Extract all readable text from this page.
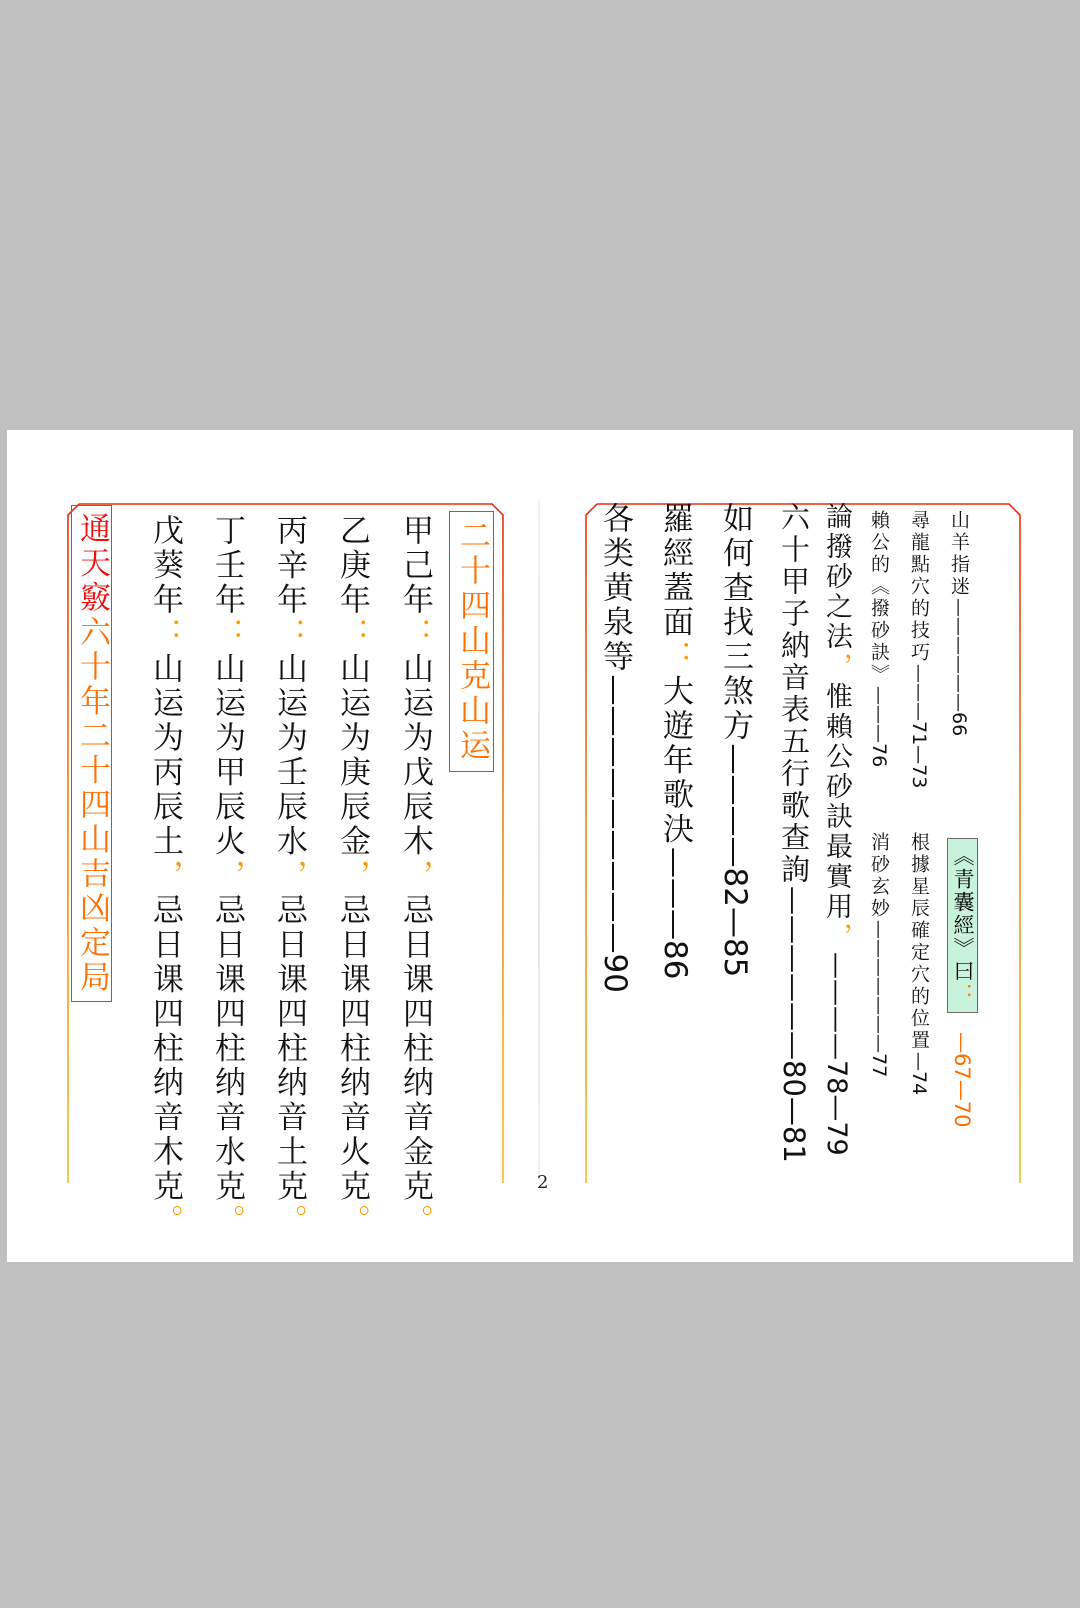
二十四山克山运
甲己年：山运为戊辰木，忌日课四柱纳音金克。
乙庚年：山运为庚辰金，忌日课四柱纳音火克。
丙辛年：山运为壬辰水，忌日课四柱纳音土克。
丁壬年：山运为甲辰火，忌日课四柱纳音水克。
戊葵年：山运为丙辰土，忌日课四柱纳音木克。
通天竅六十年二十四山吉凶定局
山羊指迷——————66
尋龍點穴的技巧———71—73
根據星辰確定穴的位置—74
賴公的《撥砂訣》———76
消砂玄妙———————77
《青囊經》曰：
—67—70
論撥砂之法，惟賴公砂訣最實用，————78—79
六十甲子納音表五行歌查詢——————80—81
如何查找三煞方————82—85
羅經蓋面：大遊年歌決———86
各类黄泉等—————————90
2
